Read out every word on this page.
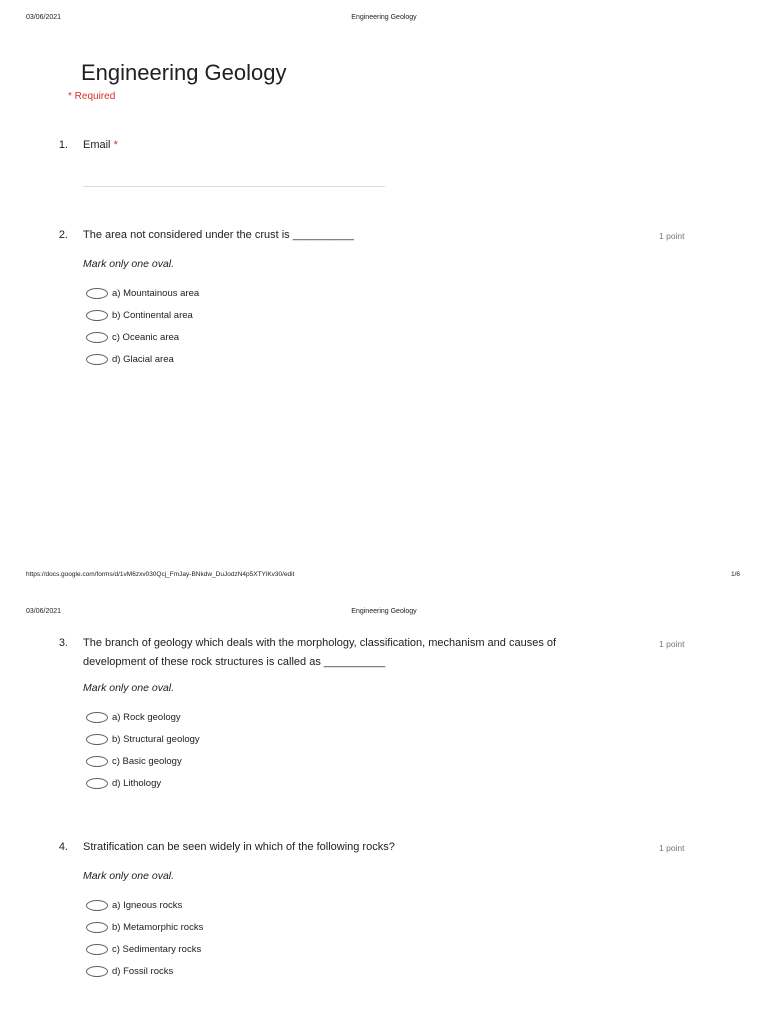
03/06/2021	Engineering Geology
Engineering Geology
* Required
1. Email *
2. The area not considered under the crust is __________	1 point
Mark only one oval.
a) Mountainous area
b) Continental area
c) Oceanic area
d) Glacial area
https://docs.google.com/forms/d/1vM6zxv030Qcj_FmJay-BNkdw_DuJodzN4p5XTYlKv30/edit	1/6
03/06/2021	Engineering Geology
3. The branch of geology which deals with the morphology, classification, mechanism and causes of
development of these rock structures is called as __________
1 point
Mark only one oval.
a) Rock geology
b) Structural geology
c) Basic geology
d) Lithology
4. Stratification can be seen widely in which of the following rocks?	1 point
Mark only one oval.
a) Igneous rocks
b) Metamorphic rocks
c) Sedimentary rocks
d) Fossil rocks
